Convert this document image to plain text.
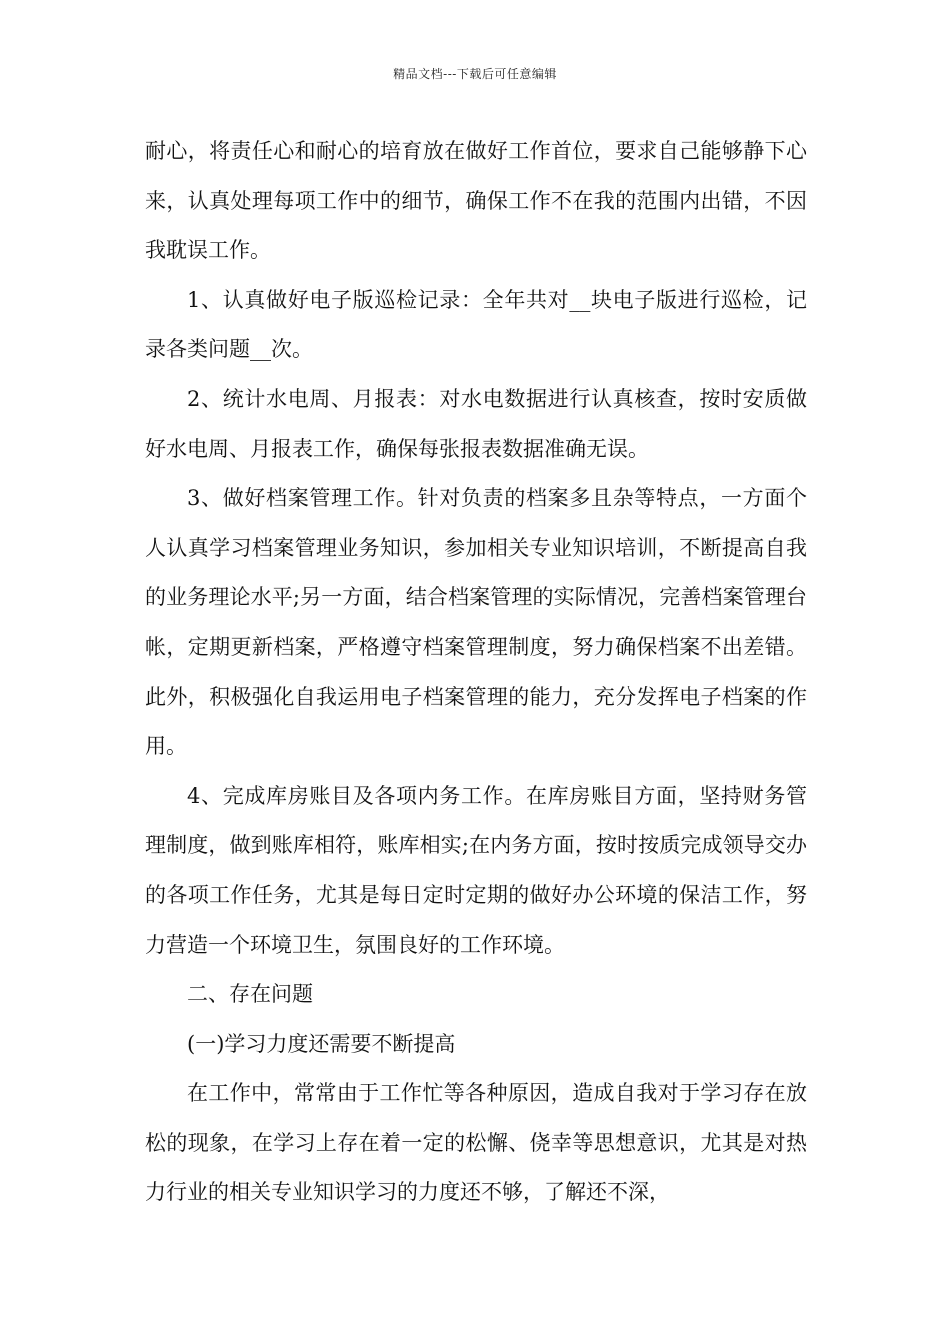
精品文档---下载后可任意编辑

耐心，将责任心和耐心的培育放在做好工作首位，要求自己能够静下心来，认真处理每项工作中的细节，确保工作不在我的范围内出错，不因我耽误工作。

1、认真做好电子版巡检记录：全年共对__块电子版进行巡检，记录各类问题__次。

2、统计水电周、月报表：对水电数据进行认真核查，按时安质做好水电周、月报表工作，确保每张报表数据准确无误。

3、做好档案管理工作。针对负责的档案多且杂等特点，一方面个人认真学习档案管理业务知识，参加相关专业知识培训，不断提高自我的业务理论水平;另一方面，结合档案管理的实际情况，完善档案管理台帐，定期更新档案，严格遵守档案管理制度，努力确保档案不出差错。此外，积极强化自我运用电子档案管理的能力，充分发挥电子档案的作用。

4、完成库房账目及各项内务工作。在库房账目方面，坚持财务管理制度，做到账库相符，账库相实;在内务方面，按时按质完成领导交办的各项工作任务，尤其是每日定时定期的做好办公环境的保洁工作，努力营造一个环境卫生，氛围良好的工作环境。

二、存在问题

(一)学习力度还需要不断提高

在工作中，常常由于工作忙等各种原因，造成自我对于学习存在放松的现象，在学习上存在着一定的松懈、侥幸等思想意识，尤其是对热力行业的相关专业知识学习的力度还不够，了解还不深，
